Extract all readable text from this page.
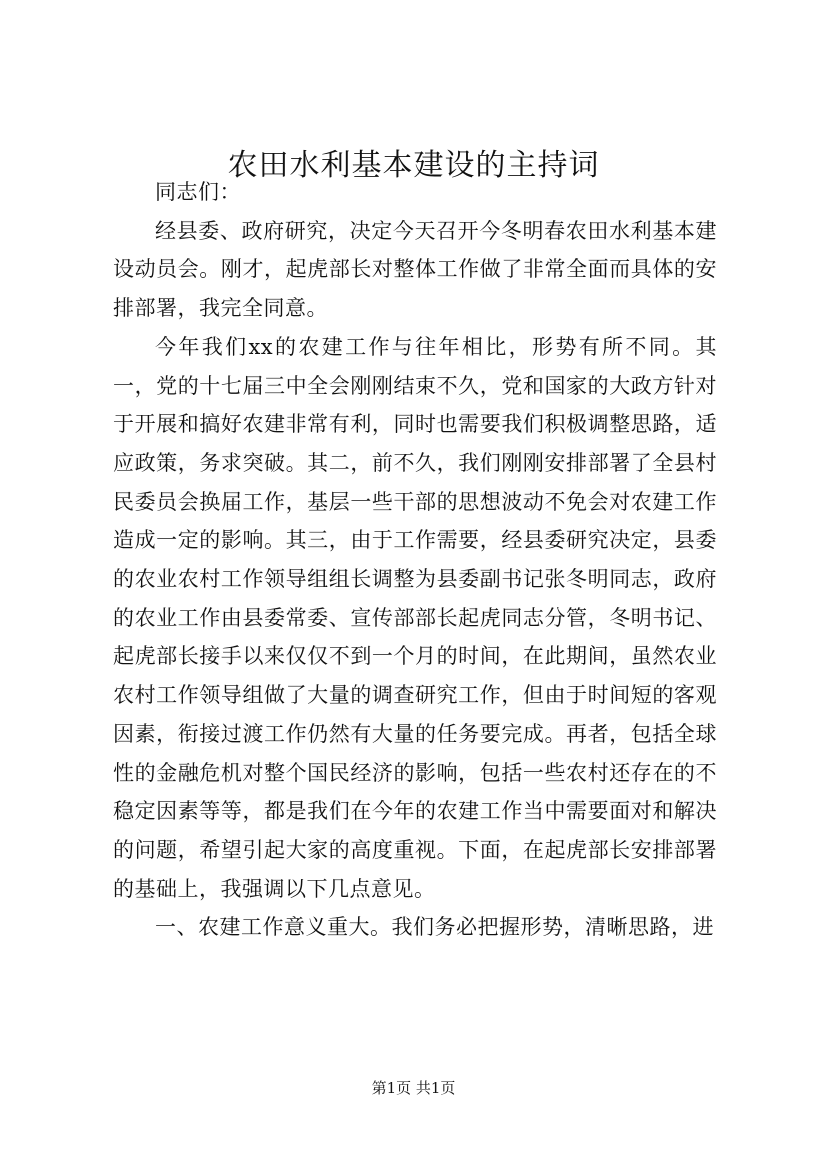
农田水利基本建设的主持词

同志们：

经县委、政府研究，决定今天召开今冬明春农田水利基本建设动员会。刚才，起虎部长对整体工作做了非常全面而具体的安排部署，我完全同意。

今年我们xx的农建工作与往年相比，形势有所不同。其一，党的十七届三中全会刚刚结束不久，党和国家的大政方针对于开展和搞好农建非常有利，同时也需要我们积极调整思路，适应政策，务求突破。其二，前不久，我们刚刚安排部署了全县村民委员会换届工作，基层一些干部的思想波动不免会对农建工作造成一定的影响。其三，由于工作需要，经县委研究决定，县委的农业农村工作领导组组长调整为县委副书记张冬明同志，政府的农业工作由县委常委、宣传部部长起虎同志分管，冬明书记、起虎部长接手以来仅仅不到一个月的时间，在此期间，虽然农业农村工作领导组做了大量的调查研究工作，但由于时间短的客观因素，衔接过渡工作仍然有大量的任务要完成。再者，包括全球性的金融危机对整个国民经济的影响，包括一些农村还存在的不稳定因素等等，都是我们在今年的农建工作当中需要面对和解决的问题，希望引起大家的高度重视。下面，在起虎部长安排部署的基础上，我强调以下几点意见。

一、农建工作意义重大。我们务必把握形势，清晰思路，进

第1页 共1页
